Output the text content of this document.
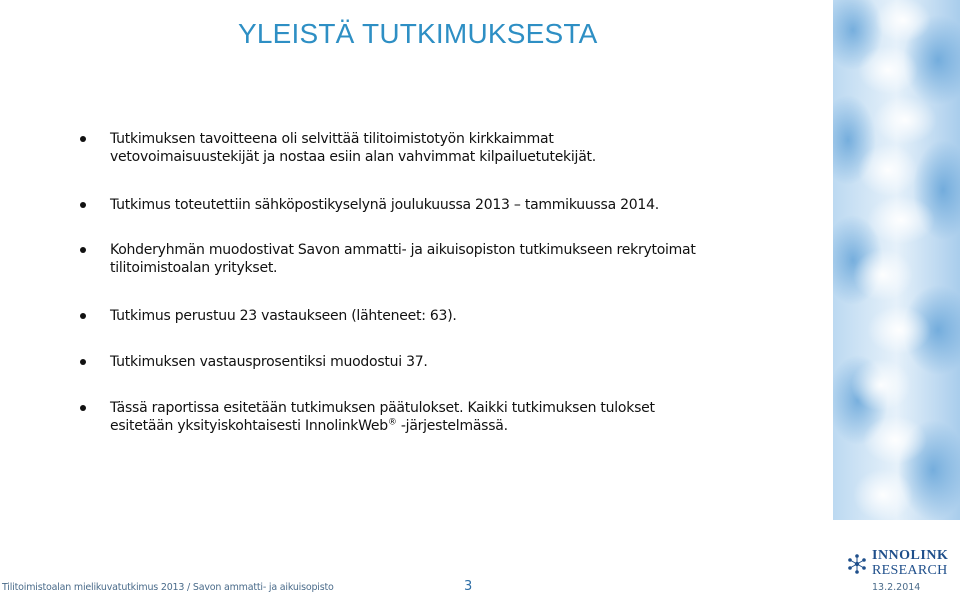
YLEISTÄ TUTKIMUKSESTA
Tutkimuksen tavoitteena oli selvittää tilitoimistotyön kirkkaimmat
vetovoimaisuustekijät ja nostaa esiin alan vahvimmat kilpailuetutekijät.
Tutkimus toteutettiin sähköpostikyselynä joulukuussa 2013 – tammikuussa 2014.
Kohderyhmän muodostivat Savon ammatti- ja aikuisopiston tutkimukseen rekrytoimat
tilitoimistoalan yritykset.
Tutkimus perustuu 23 vastaukseen (lähteneet: 63).
Tutkimuksen vastausprosentiksi muodostui 37.
Tässä raportissa esitetään tutkimuksen päätulokset. Kaikki tutkimuksen tulokset
esitetään yksityiskohtaisesti InnolinkWeb® -järjestelmässä.
INNOLINK
RESEARCH
Tilitoimistoalan mielikuvatutkimus 2013 / Savon ammatti- ja aikuisopisto	3	13.2.2014
